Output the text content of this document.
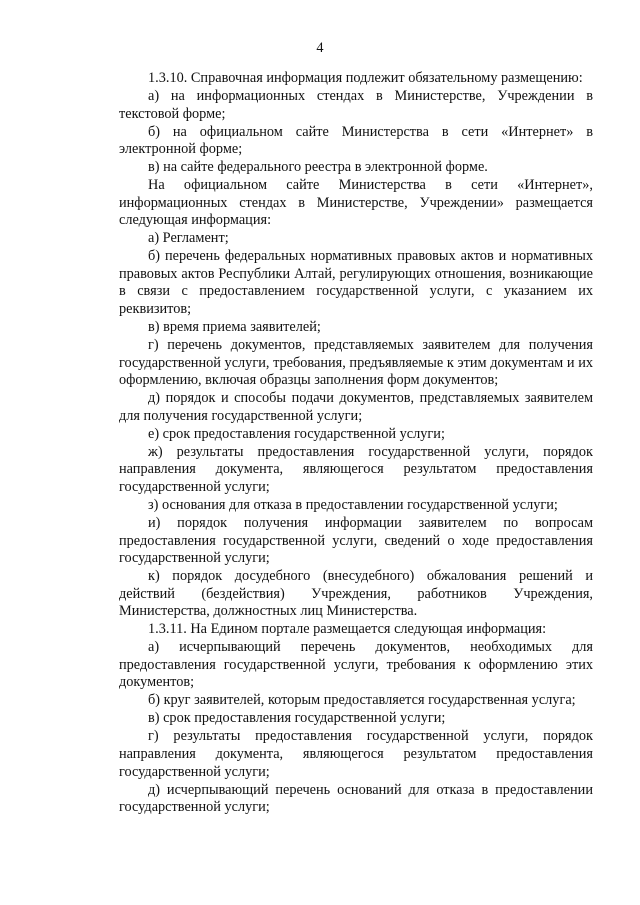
4

1.3.10. Справочная информация подлежит обязательному размещению:

а) на информационных стендах в Министерстве, Учреждении в текстовой форме;

б) на официальном сайте Министерства в сети «Интернет» в электронной форме;

в) на сайте федерального реестра в электронной форме.

На официальном сайте Министерства в сети «Интернет», информационных стендах в Министерстве, Учреждении» размещается следующая информация:

а) Регламент;

б) перечень федеральных нормативных правовых актов и нормативных правовых актов Республики Алтай, регулирующих отношения, возникающие в связи с предоставлением государственной услуги, с указанием их реквизитов;

в) время приема заявителей;

г) перечень документов, представляемых заявителем для получения государственной услуги, требования, предъявляемые к этим документам и их оформлению, включая образцы заполнения форм документов;

д) порядок и способы подачи документов, представляемых заявителем для получения государственной услуги;

е) срок предоставления государственной услуги;

ж) результаты предоставления государственной услуги, порядок направления документа, являющегося результатом предоставления государственной услуги;

з) основания для отказа в предоставлении государственной услуги;

и) порядок получения информации заявителем по вопросам предоставления государственной услуги, сведений о ходе предоставления государственной услуги;

к) порядок досудебного (внесудебного) обжалования решений и действий (бездействия) Учреждения, работников Учреждения, Министерства, должностных лиц Министерства.

1.3.11. На Едином портале размещается следующая информация:

а) исчерпывающий перечень документов, необходимых для предоставления государственной услуги, требования к оформлению этих документов;

б) круг заявителей, которым предоставляется государственная услуга;

в) срок предоставления государственной услуги;

г) результаты предоставления государственной услуги, порядок направления документа, являющегося результатом предоставления государственной услуги;

д) исчерпывающий перечень оснований для отказа в предоставлении государственной услуги;
